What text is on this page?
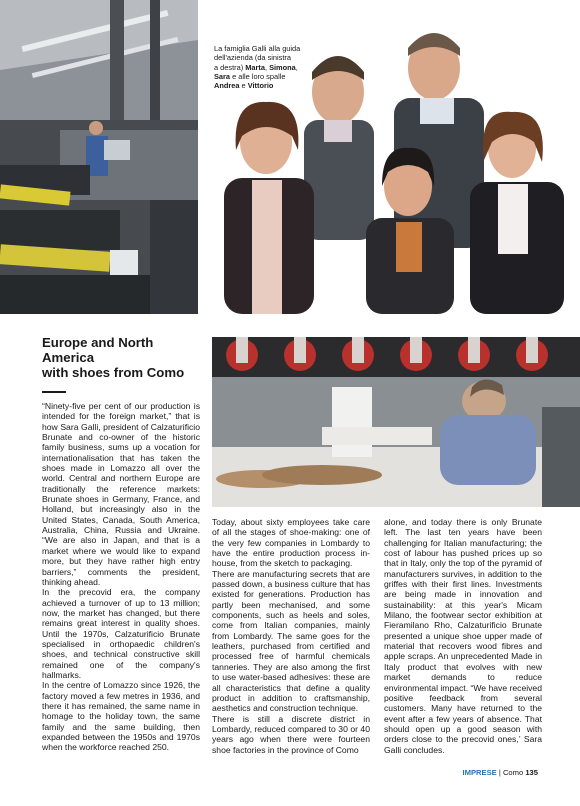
La famiglia Galli alla guida
dell'azienda (da sinistra
a destra) Marta, Simona,
Sara e alle loro spalle
Andrea e Vittorio
Europe and North
America
with shoes from Como

“Ninety-five per cent of our production is intended for the foreign market,” that is how Sara Galli, president of Calzaturificio Brunate and co-owner of the historic family business, sums up a vocation for internationalisation that has taken the shoes made in Lomazzo all over the world. Central and northern Europe are traditionally the reference markets: Brunate shoes in Germany, France, and Holland, but increasingly also in the United States, Canada, South America, Australia, China, Russia and Ukraine. “We are also in Japan, and that is a market where we would like to expand more, but they have rather high entry barriers,” comments the president, thinking ahead.

In the precovid era, the company achieved a turnover of up to 13 million; now, the market has changed, but there remains great interest in quality shoes. Until the 1970s, Calzaturificio Brunate specialised in orthopaedic children's shoes, and technical constructive skill remained one of the company's hallmarks.

In the centre of Lomazzo since 1926, the factory moved a few metres in 1936, and there it has remained, the same name in homage to the holiday town, the same family and the same building, then expanded between the 1950s and 1970s when the workforce reached 250.

Today, about sixty employees take care of all the stages of shoe-making: one of the very few companies in Lombardy to have the entire production process in-house, from the sketch to packaging.

There are manufacturing secrets that are passed down, a business culture that has existed for generations. Production has partly been mechanised, and some components, such as heels and soles, come from Italian companies, mainly from Lombardy. The same goes for the leathers, purchased from certified and processed free of harmful chemicals tanneries. They are also among the first to use water-based adhesives: these are all characteristics that define a quality product in addition to craftsmanship, aesthetics and construction technique.

There is still a discrete district in Lombardy, reduced compared to 30 or 40 years ago when there were fourteen shoe factories in the province of Como

alone, and today there is only Brunate left. The last ten years have been challenging for Italian manufacturing; the cost of labour has pushed prices up so that in Italy, only the top of the pyramid of manufacturers survives, in addition to the griffes with their first lines. Investments are being made in innovation and sustainability: at this year's Micam Milano, the footwear sector exhibition at Fieramilano Rho, Calzaturificio Brunate presented a unique shoe upper made of material that recovers wood fibres and apple scraps. An unprecedented Made in Italy product that evolves with new market demands to reduce environmental impact. “We have received positive feedback from several customers. Many have returned to the event after a few years of absence. That should open up a good season with orders close to the precovid ones,’ Sara Galli concludes.

IMPRESE | Como 135
